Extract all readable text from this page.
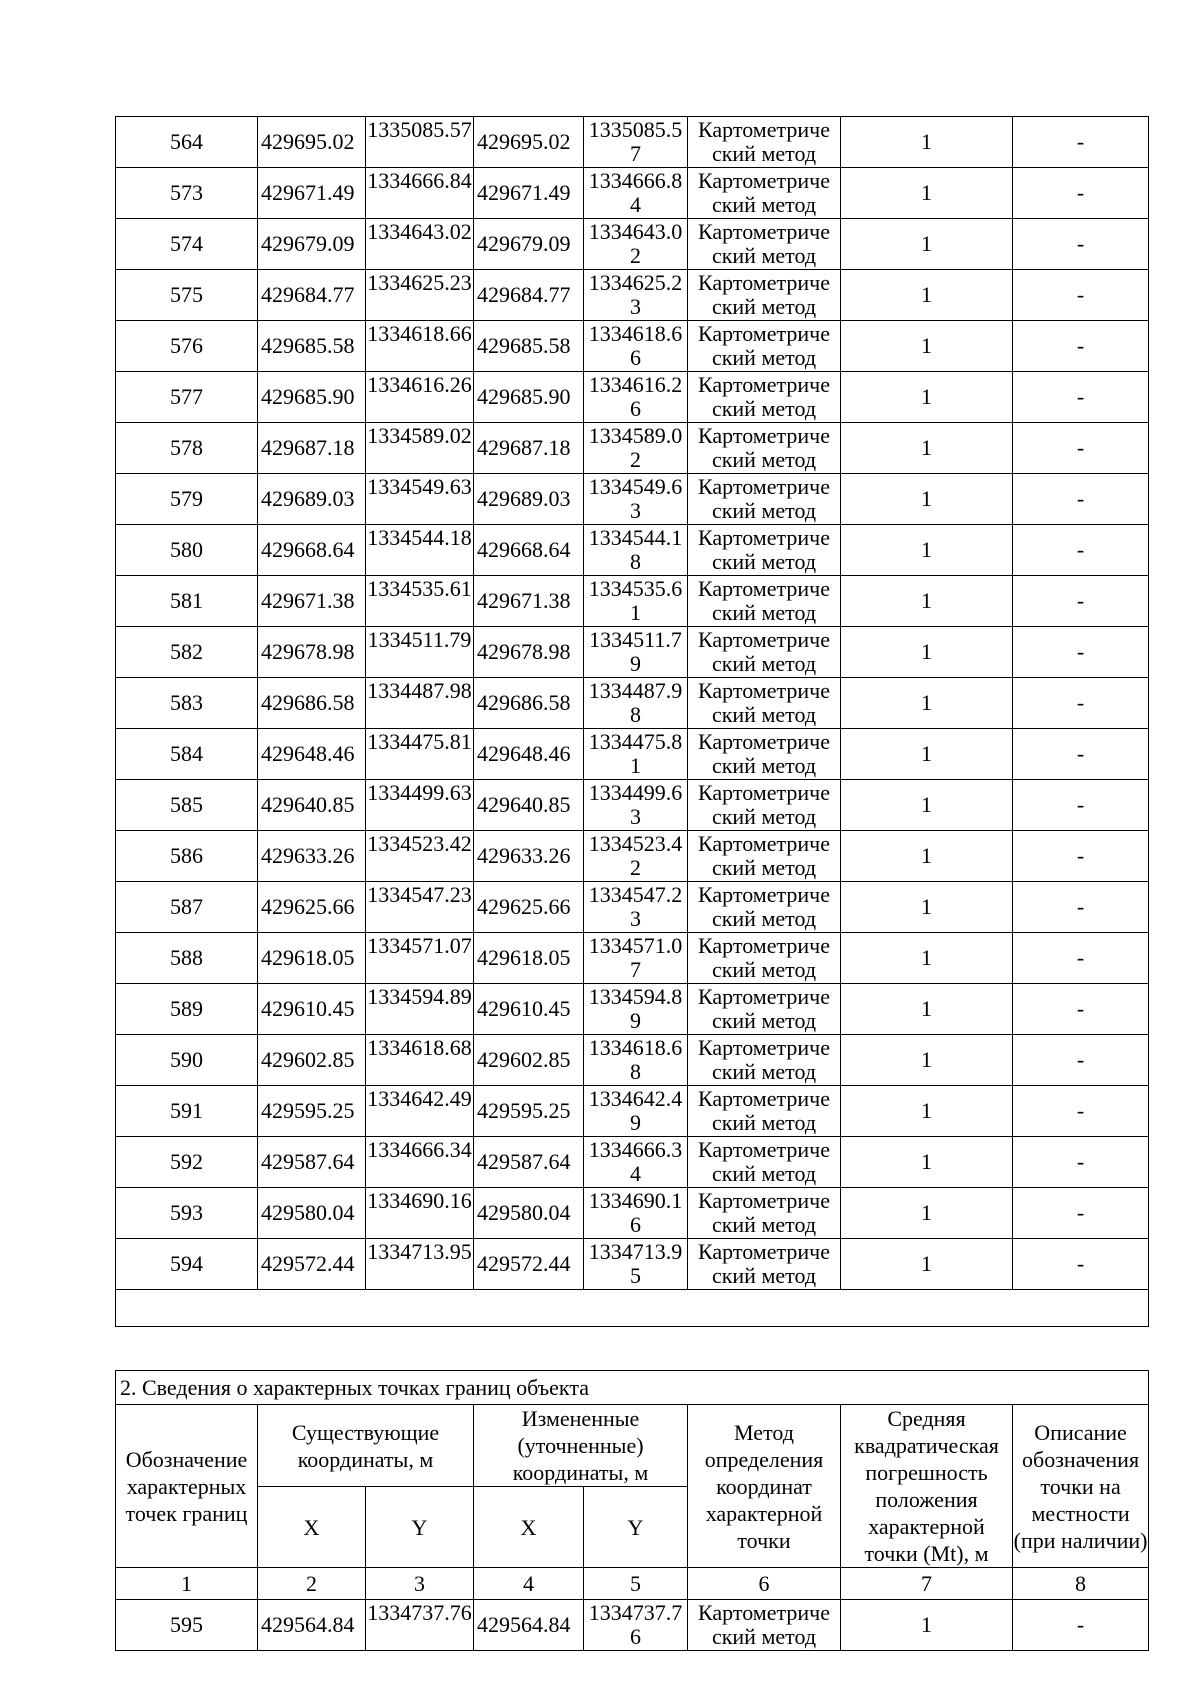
564	429695.02	1335085.57	429695.02	1335085.57	Картометриче
ский метод	1	-
573	429671.49	1334666.84	429671.49	1334666.84	Картометриче
ский метод	1	-
574	429679.09	1334643.02	429679.09	1334643.02	Картометриче
ский метод	1	-
575	429684.77	1334625.23	429684.77	1334625.23	Картометриче
ский метод	1	-
576	429685.58	1334618.66	429685.58	1334618.66	Картометриче
ский метод	1	-
577	429685.90	1334616.26	429685.90	1334616.26	Картометриче
ский метод	1	-
578	429687.18	1334589.02	429687.18	1334589.02	Картометриче
ский метод	1	-
579	429689.03	1334549.63	429689.03	1334549.63	Картометриче
ский метод	1	-
580	429668.64	1334544.18	429668.64	1334544.18	Картометриче
ский метод	1	-
581	429671.38	1334535.61	429671.38	1334535.61	Картометриче
ский метод	1	-
582	429678.98	1334511.79	429678.98	1334511.79	Картометриче
ский метод	1	-
583	429686.58	1334487.98	429686.58	1334487.98	Картометриче
ский метод	1	-
584	429648.46	1334475.81	429648.46	1334475.81	Картометриче
ский метод	1	-
585	429640.85	1334499.63	429640.85	1334499.63	Картометриче
ский метод	1	-
586	429633.26	1334523.42	429633.26	1334523.42	Картометриче
ский метод	1	-
587	429625.66	1334547.23	429625.66	1334547.23	Картометриче
ский метод	1	-
588	429618.05	1334571.07	429618.05	1334571.07	Картометриче
ский метод	1	-
589	429610.45	1334594.89	429610.45	1334594.89	Картометриче
ский метод	1	-
590	429602.85	1334618.68	429602.85	1334618.68	Картометриче
ский метод	1	-
591	429595.25	1334642.49	429595.25	1334642.49	Картометриче
ский метод	1	-
592	429587.64	1334666.34	429587.64	1334666.34	Картометриче
ский метод	1	-
593	429580.04	1334690.16	429580.04	1334690.16	Картометриче
ский метод	1	-
594	429572.44	1334713.95	429572.44	1334713.95	Картометриче
ский метод	1	-

2. Сведения о характерных точках границ объекта							
Обозначение характерных точек границ	Существующие координаты, м		Измененные (уточненные) координаты, м		Метод определения координат характерной точки	Средняя квадратическая погрешность положения характерной точки (Mt), м	Описание обозначения точки на местности (при наличии)
	X	Y	X	Y			
1	2	3	4	5	6	7	8
595	429564.84	1334737.76	429564.84	1334737.76	Картометриче
ский метод	1	-
